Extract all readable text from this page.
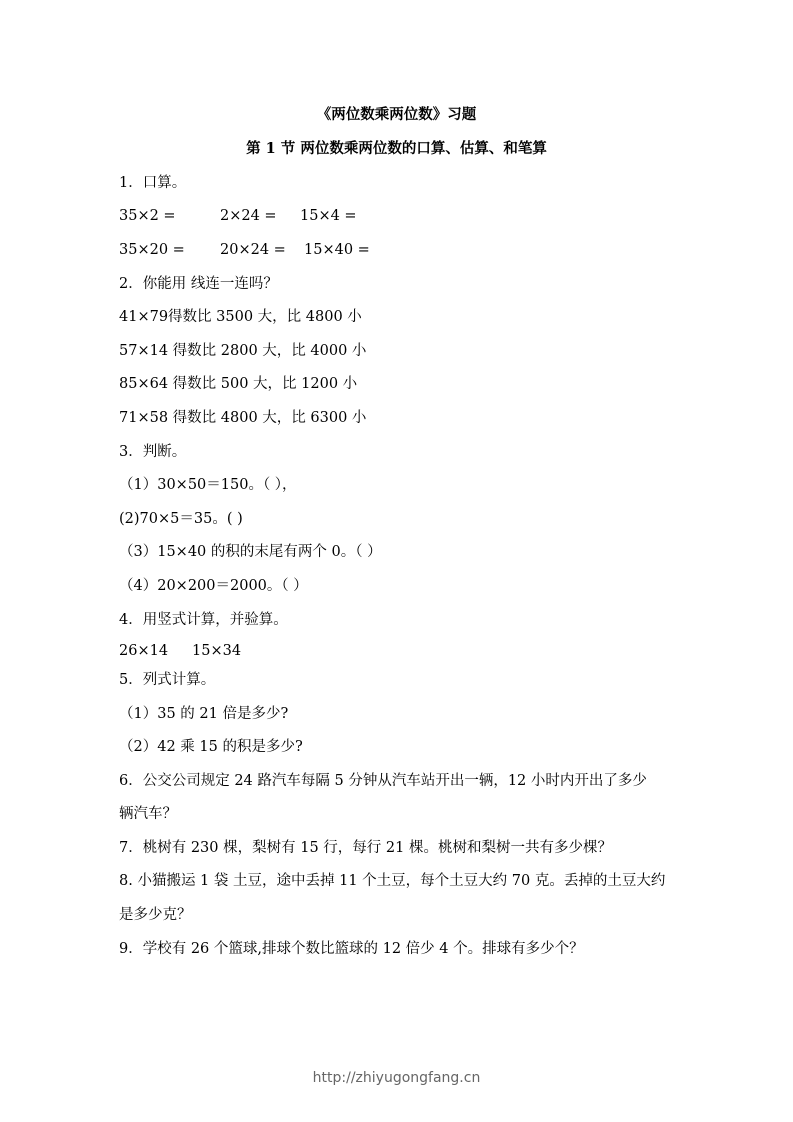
《两位数乘两位数》习题
第 1 节 两位数乘两位数的口算、估算、和笔算
1．口算。
35×2 =	2×24 = 15×4 =
35×20 = 20×24 = 15×40 =
2．你能用 线连一连吗？
41×79得数比 3500 大，比 4800 小
57×14 得数比 2800 大，比 4000 小
85×64 得数比 500 大，比 1200 小
71×58 得数比 4800 大，比 6300 小
3．判断。
（1）30×50＝150。（ ），
(2)70×5＝35。( )
（3）15×40 的积的末尾有两个 0。（ ）
（4）20×200＝2000。（ ）
4．用竖式计算，并验算。
26×14 15×34
5．列式计算。
（1）35 的 21 倍是多少?
（2）42 乘 15 的积是多少?
6．公交公司规定 24 路汽车每隔 5 分钟从汽车站开出一辆，12 小时内开出了多少
辆汽车？
7．桃树有 230 棵，梨树有 15 行，每行 21 棵。桃树和梨树一共有多少棵？
8. 小猫搬运 1 袋 土豆，途中丢掉 11 个土豆，每个土豆大约 70 克。丢掉的土豆大约
是多少克？
9．学校有 26 个篮球,排球个数比篮球的 12 倍少 4 个。排球有多少个？
http://zhiyugongfang.cn
